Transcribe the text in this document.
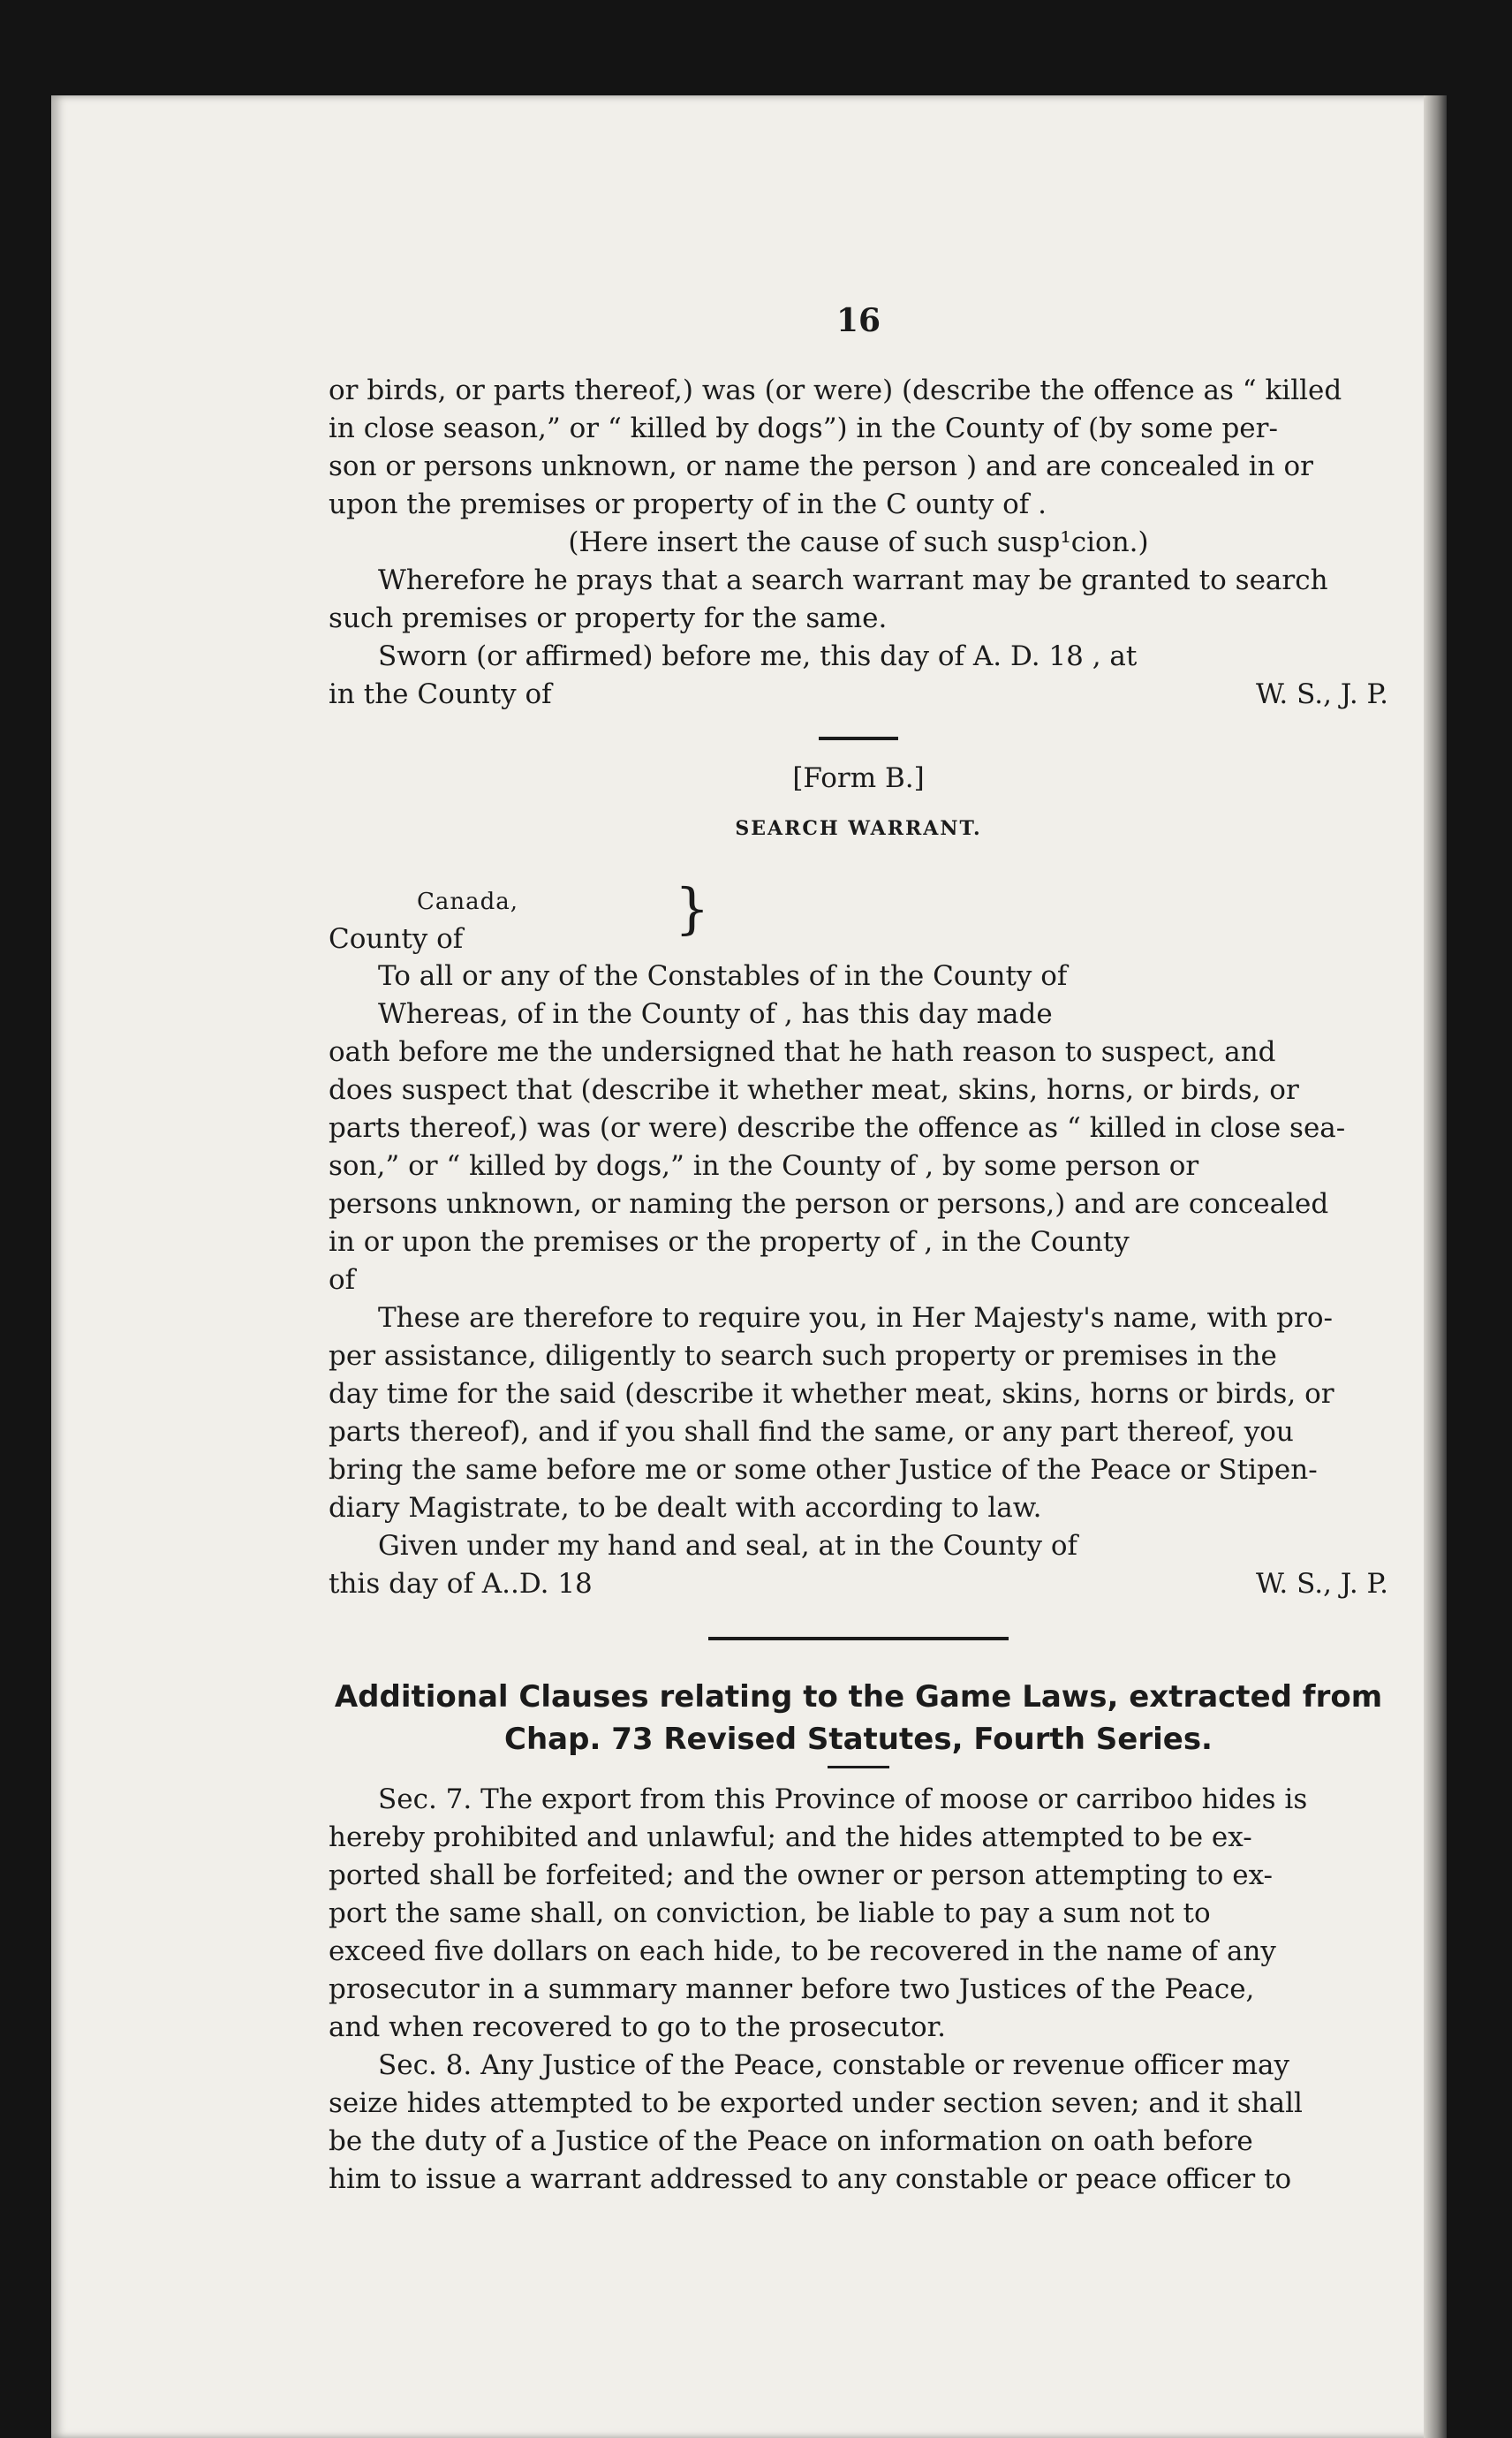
16

or birds, or parts thereof,) was (or were) (describe the offence as “ killed

in close season,” or “ killed by dogs”) in the County of (by some per-

son or persons unknown, or name the person ) and are concealed in or

upon the premises or property of in the C ounty of .

(Here insert the cause of such susp¹cion.)

Wherefore he prays that a search warrant may be granted to search

such premises or property for the same.

Sworn (or affirmed) before me, this day of A. D. 18 , at

in the County of	W. S., J. P.
[Form B.]
SEARCH WARRANT.
Canada,
County of	}

To all or any of the Constables of in the County of

Whereas, of in the County of , has this day made

oath before me the undersigned that he hath reason to suspect, and

does suspect that (describe it whether meat, skins, horns, or birds, or

parts thereof,) was (or were) describe the offence as “ killed in close sea-

son,” or “ killed by dogs,” in the County of , by some person or

persons unknown, or naming the person or persons,) and are concealed

in or upon the premises or the property of , in the County

of

These are therefore to require you, in Her Majesty's name, with pro-

per assistance, diligently to search such property or premises in the

day time for the said (describe it whether meat, skins, horns or birds, or

parts thereof), and if you shall find the same, or any part thereof, you

bring the same before me or some other Justice of the Peace or Stipen-

diary Magistrate, to be dealt with according to law.

Given under my hand and seal, at in the County of

this day of A..D. 18	W. S., J. P.
Additional Clauses relating to the Game Laws, extracted from
Chap. 73 Revised Statutes, Fourth Series.

Sec. 7. The export from this Province of moose or carriboo hides is

hereby prohibited and unlawful; and the hides attempted to be ex-

ported shall be forfeited; and the owner or person attempting to ex-

port the same shall, on conviction, be liable to pay a sum not to

exceed five dollars on each hide, to be recovered in the name of any

prosecutor in a summary manner before two Justices of the Peace,

and when recovered to go to the prosecutor.

Sec. 8. Any Justice of the Peace, constable or revenue officer may

seize hides attempted to be exported under section seven; and it shall

be the duty of a Justice of the Peace on information on oath before

him to issue a warrant addressed to any constable or peace officer to
